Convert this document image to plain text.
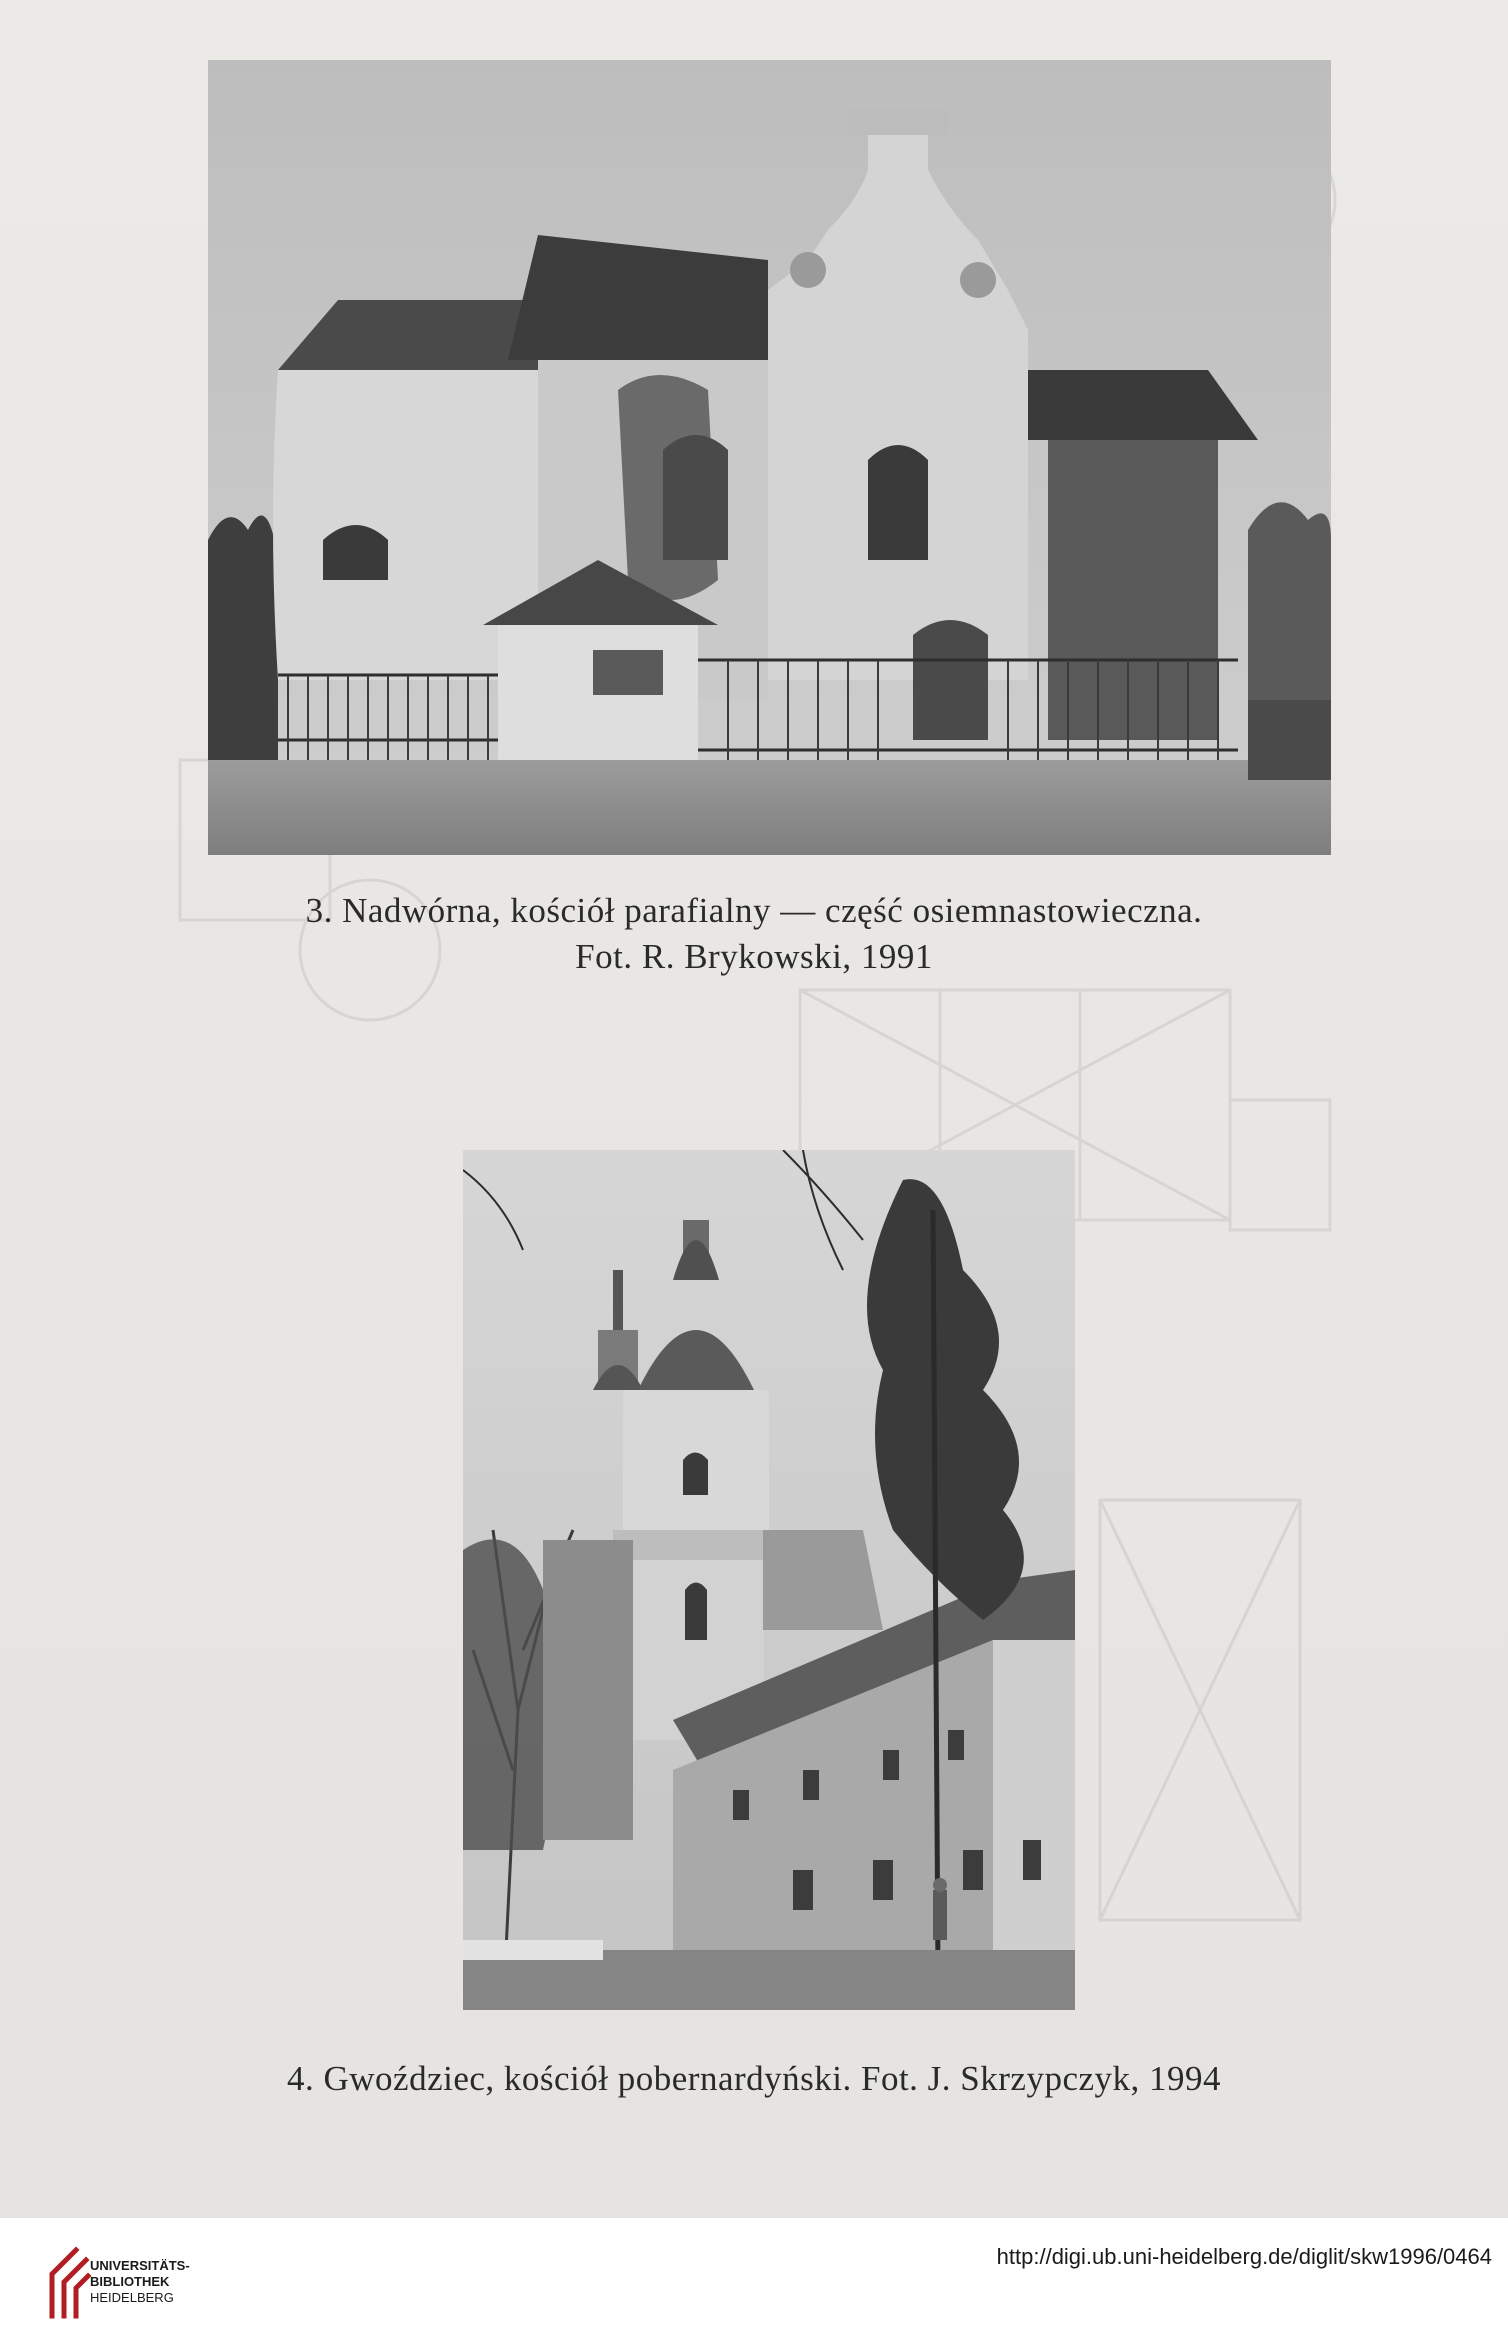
3. Nadwórna, kościół parafialny — część osiemnastowieczna.
Fot. R. Brykowski, 1991
4. Gwoździec, kościół pobernardyński. Fot. J. Skrzypczyk, 1994
UNIVERSITÄTS-
BIBLIOTHEK
HEIDELBERG
http://digi.ub.uni-heidelberg.de/diglit/skw1996/0464
